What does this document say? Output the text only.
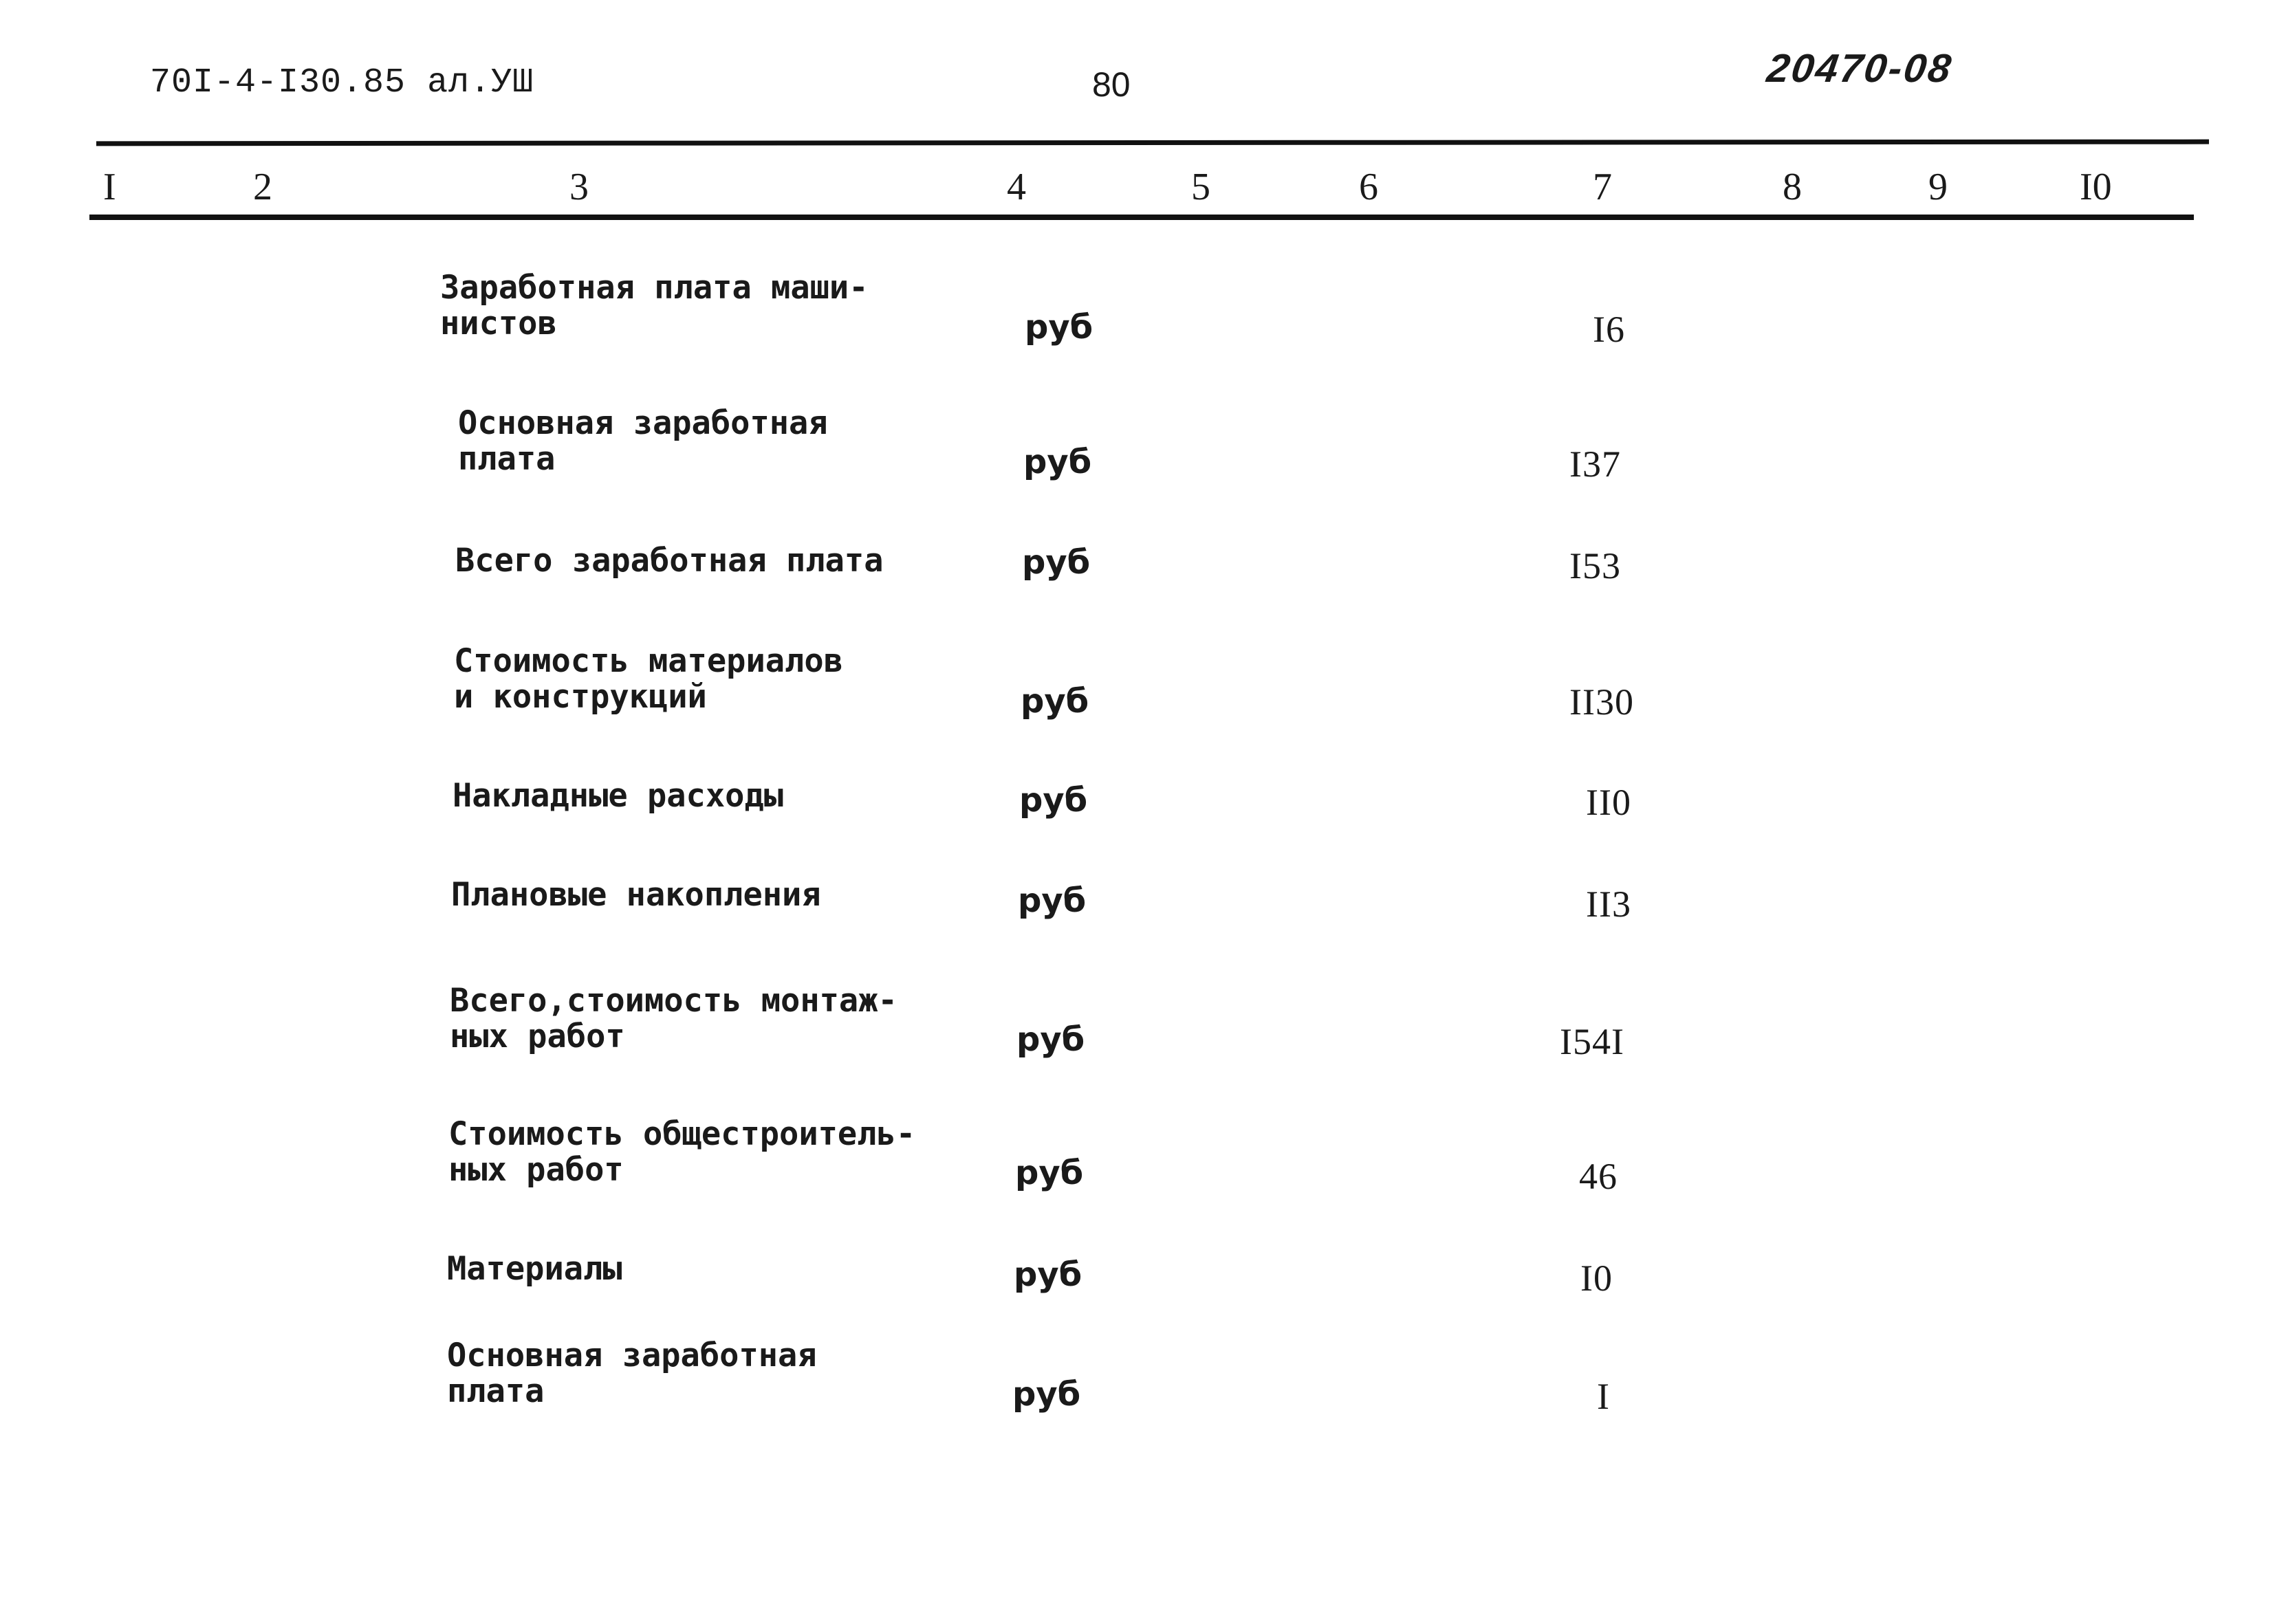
70I-4-I30.85 ал.УШ	80	20470-08
I	2	3	4	5	6	7	8	9	I0
Заработная плата маши-
нистов	руб	I6
Основная заработная
плата	руб	I37
Всего заработная плата	руб	I53
Стоимость материалов
и конструкций	руб	II30
Накладные расходы	руб	II0
Плановые накопления	руб	II3
Всего,стоимость монтаж-
ных работ	руб	I54I
Стоимость общестроитель-
ных работ	руб	46
Материалы	руб	I0
Основная заработная
плата	руб	I
